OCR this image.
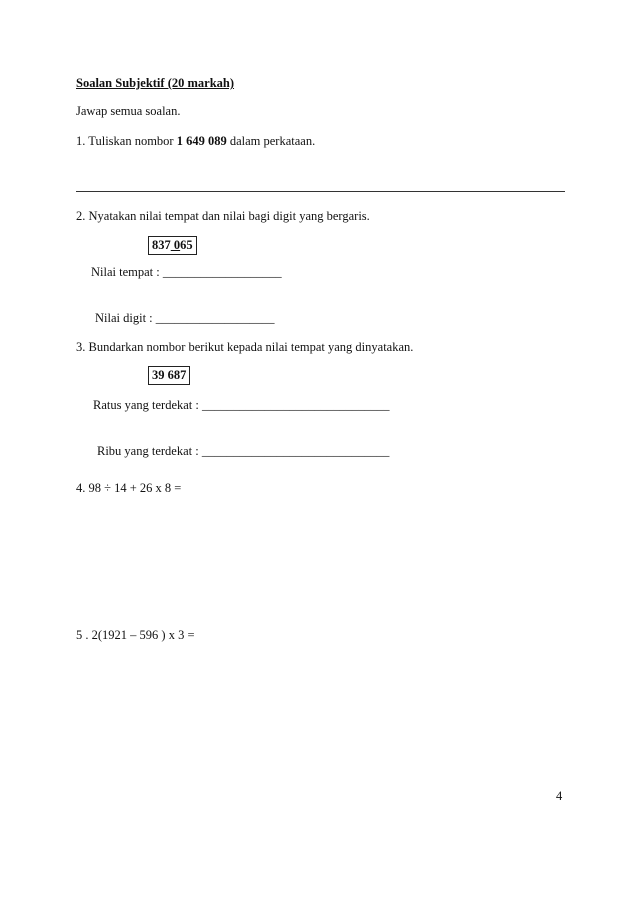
Soalan Subjektif (20 markah)
Jawap semua soalan.
1. Tuliskan nombor 1 649 089 dalam perkataan.
2. Nyatakan nilai tempat dan nilai bagi digit yang bergaris.
837 065
Nilai tempat : ___________________
Nilai digit : ___________________
3. Bundarkan nombor berikut kepada nilai tempat yang dinyatakan.
39 687
Ratus yang terdekat : ______________________________
Ribu yang terdekat : ______________________________
4. 98 ÷ 14 + 26 x 8 =
5 . 2(1921 – 596 ) x 3 =
4
